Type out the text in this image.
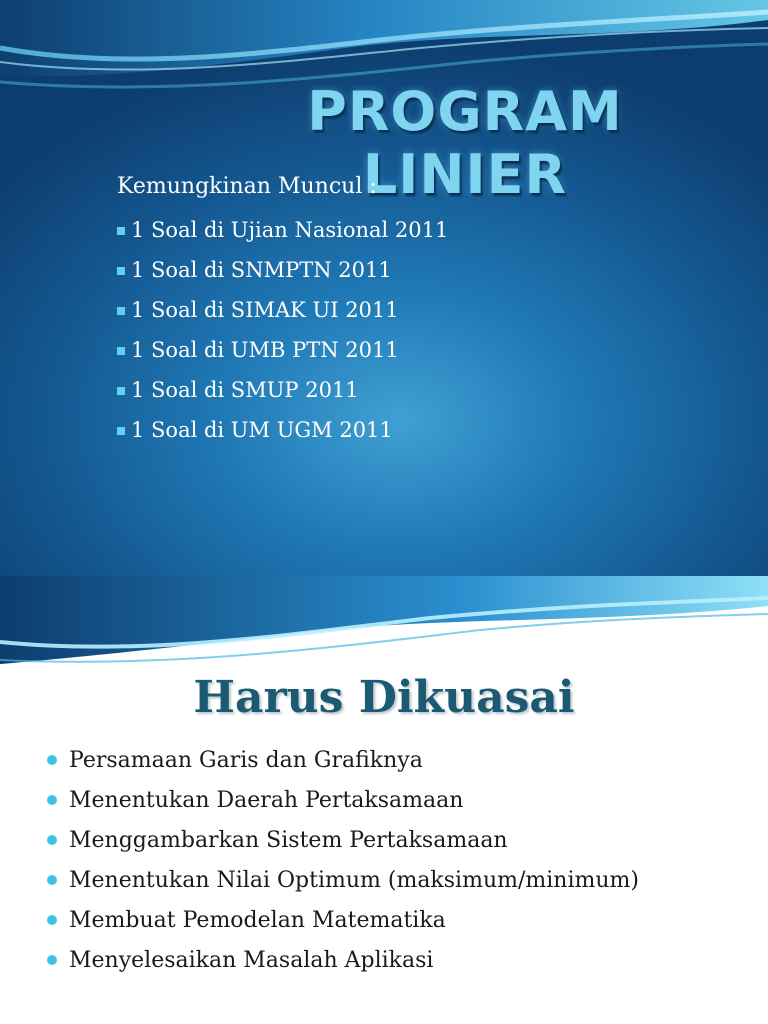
PROGRAM LINIER
Kemungkinan Muncul :
1 Soal di Ujian Nasional 2011
1 Soal di SNMPTN 2011
1 Soal di SIMAK UI 2011
1 Soal di UMB PTN 2011
1 Soal di SMUP 2011
1 Soal di UM UGM 2011
Harus Dikuasai
Persamaan Garis dan Grafiknya
Menentukan Daerah Pertaksamaan
Menggambarkan Sistem Pertaksamaan
Menentukan Nilai Optimum (maksimum/minimum)
Membuat Pemodelan Matematika
Menyelesaikan Masalah Aplikasi
